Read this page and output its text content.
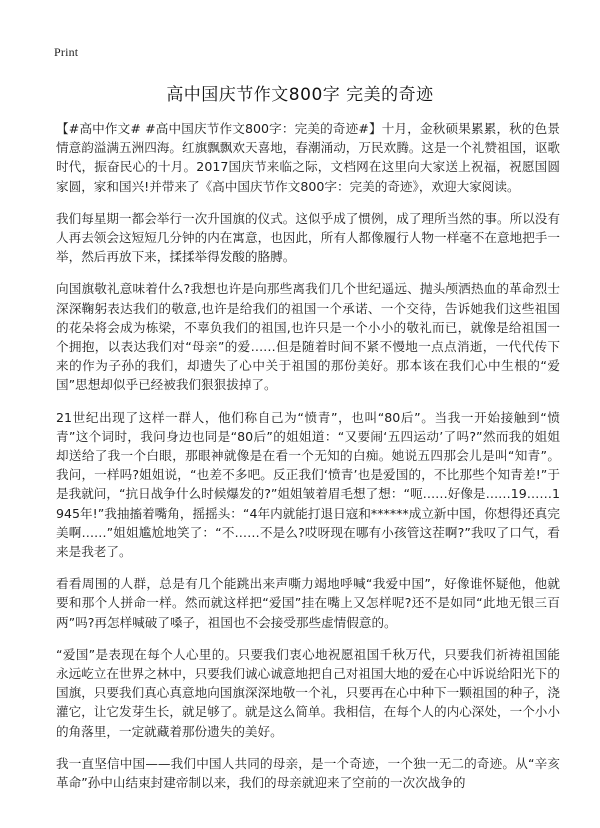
Print
高中国庆节作文800字 完美的奇迹

【#高中作文# #高中国庆节作文800字：完美的奇迹#】十月，金秋硕果累累，秋的色景情意韵溢满五洲四海。红旗飘飘欢天喜地，春潮涌动，万民欢腾。这是一个礼赞祖国，讴歌时代，振奋民心的十月。2017国庆节来临之际，文档网在这里向大家送上祝福，祝愿国圆家圆，家和国兴!并带来了《高中国庆节作文800字：完美的奇迹》，欢迎大家阅读。

我们每星期一都会举行一次升国旗的仪式。这似乎成了惯例，成了理所当然的事。所以没有人再去领会这短短几分钟的内在寓意，也因此，所有人都像履行人物一样毫不在意地把手一举，然后再放下来，揉揉举得发酸的胳膊。

向国旗敬礼意味着什么?我想也许是向那些离我们几个世纪遥远、抛头颅洒热血的革命烈士深深鞠躬表达我们的敬意,也许是给我们的祖国一个承诺、一个交待，告诉她我们这些祖国的花朵将会成为栋梁，不辜负我们的祖国,也许只是一个小小的敬礼而已，就像是给祖国一个拥抱，以表达我们对“母亲”的爱……但是随着时间不紧不慢地一点点消逝，一代代传下来的作为子孙的我们，却遗失了心中关于祖国的那份美好。那本该在我们心中生根的“爱国”思想却似乎已经被我们狠狠拔掉了。

21世纪出现了这样一群人，他们称自己为“愤青”，也叫“80后”。当我一开始接触到“愤青”这个词时，我问身边也同是“80后”的姐姐道：“又要闹‘五四运动’了吗?”然而我的姐姐却送给了我一个白眼，那眼神就像是在看一个无知的白痴。她说五四那会儿是叫“知青”。我问，一样吗?姐姐说，“也差不多吧。反正我们‘愤青’也是爱国的，不比那些个知青差!”于是我就问，“抗日战争什么时候爆发的?”姐姐皱着眉毛想了想：“呃……好像是……19……1945年!”我抽搐着嘴角，摇摇头：“4年内就能打退日寇和******成立新中国，你想得还真完美啊……”姐姐尴尬地笑了：“不……不是么?哎呀现在哪有小孩管这茬啊?”我叹了口气，看来是我老了。

看看周围的人群，总是有几个能跳出来声嘶力竭地呼喊“我爱中国”，好像谁怀疑他，他就要和那个人拼命一样。然而就这样把“爱国”挂在嘴上又怎样呢?还不是如同“此地无银三百两”吗?再怎样喊破了嗓子，祖国也不会接受那些虚情假意的。

“爱国”是表现在每个人心里的。只要我们衷心地祝愿祖国千秋万代，只要我们祈祷祖国能永远屹立在世界之林中，只要我们诚心诚意地把自己对祖国大地的爱在心中诉说给阳光下的国旗，只要我们真心真意地向国旗深深地敬一个礼，只要再在心中种下一颗祖国的种子，浇灌它，让它发芽生长，就足够了。就是这么简单。我相信，在每个人的内心深处，一个小小的角落里，一定就藏着那份遗失的美好。

我一直坚信中国——我们中国人共同的母亲，是一个奇迹，一个独一无二的奇迹。从“辛亥革命”孙中山结束封建帝制以来，我们的母亲就迎来了空前的一次次战争的
